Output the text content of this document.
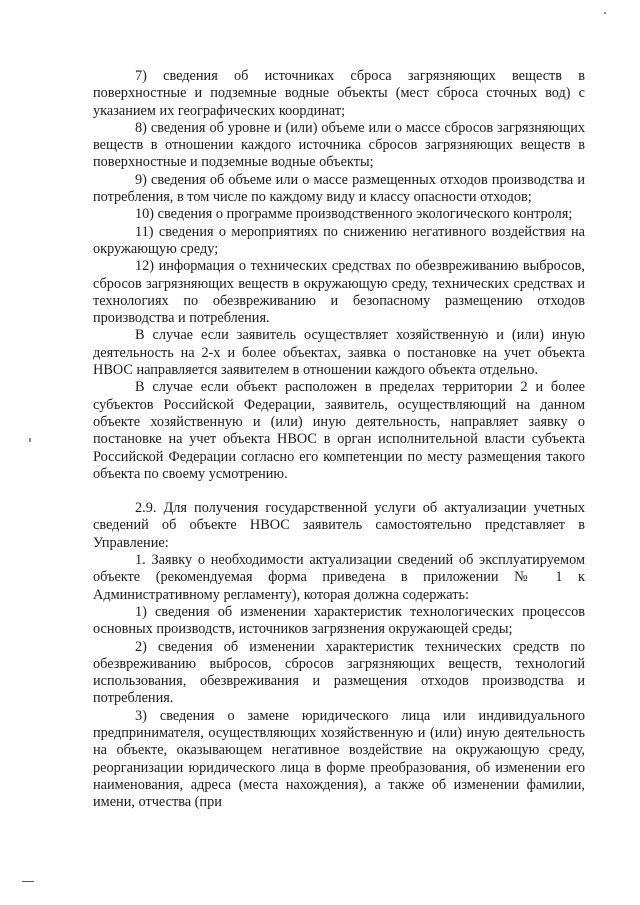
7) сведения об источниках сброса загрязняющих веществ в поверхностные и подземные водные объекты (мест сброса сточных вод) с указанием их географических координат;

8) сведения об уровне и (или) объеме или о массе сбросов загрязняющих веществ в отношении каждого источника сбросов загрязняющих веществ в поверхностные и подземные водные объекты;

9) сведения об объеме или о массе размещенных отходов производства и потребления, в том числе по каждому виду и классу опасности отходов;

10) сведения о программе производственного экологического контроля;

11) сведения о мероприятиях по снижению негативного воздействия на окружающую среду;

12) информация о технических средствах по обезвреживанию выбросов, сбросов загрязняющих веществ в окружающую среду, технических средствах и технологиях по обезвреживанию и безопасному размещению отходов производства и потребления.

В случае если заявитель осуществляет хозяйственную и (или) иную деятельность на 2-х и более объектах, заявка о постановке на учет объекта НВОС направляется заявителем в отношении каждого объекта отдельно.

В случае если объект расположен в пределах территории 2 и более субъектов Российской Федерации, заявитель, осуществляющий на данном объекте хозяйственную и (или) иную деятельность, направляет заявку о постановке на учет объекта НВОС в орган исполнительной власти субъекта Российской Федерации согласно его компетенции по месту размещения такого объекта по своему усмотрению.

2.9. Для получения государственной услуги об актуализации учетных сведений об объекте НВОС заявитель самостоятельно представляет в Управление:

1. Заявку о необходимости актуализации сведений об эксплуатируемом объекте (рекомендуемая форма приведена в приложении № 1 к Административному регламенту), которая должна содержать:

1) сведения об изменении характеристик технологических процессов основных производств, источников загрязнения окружающей среды;

2) сведения об изменении характеристик технических средств по обезвреживанию выбросов, сбросов загрязняющих веществ, технологий использования, обезвреживания и размещения отходов производства и потребления.

3) сведения о замене юридического лица или индивидуального предпринимателя, осуществляющих хозяйственную и (или) иную деятельность на объекте, оказывающем негативное воздействие на окружающую среду, реорганизации юридического лица в форме преобразования, об изменении его наименования, адреса (места нахождения), а также об изменении фамилии, имени, отчества (при
